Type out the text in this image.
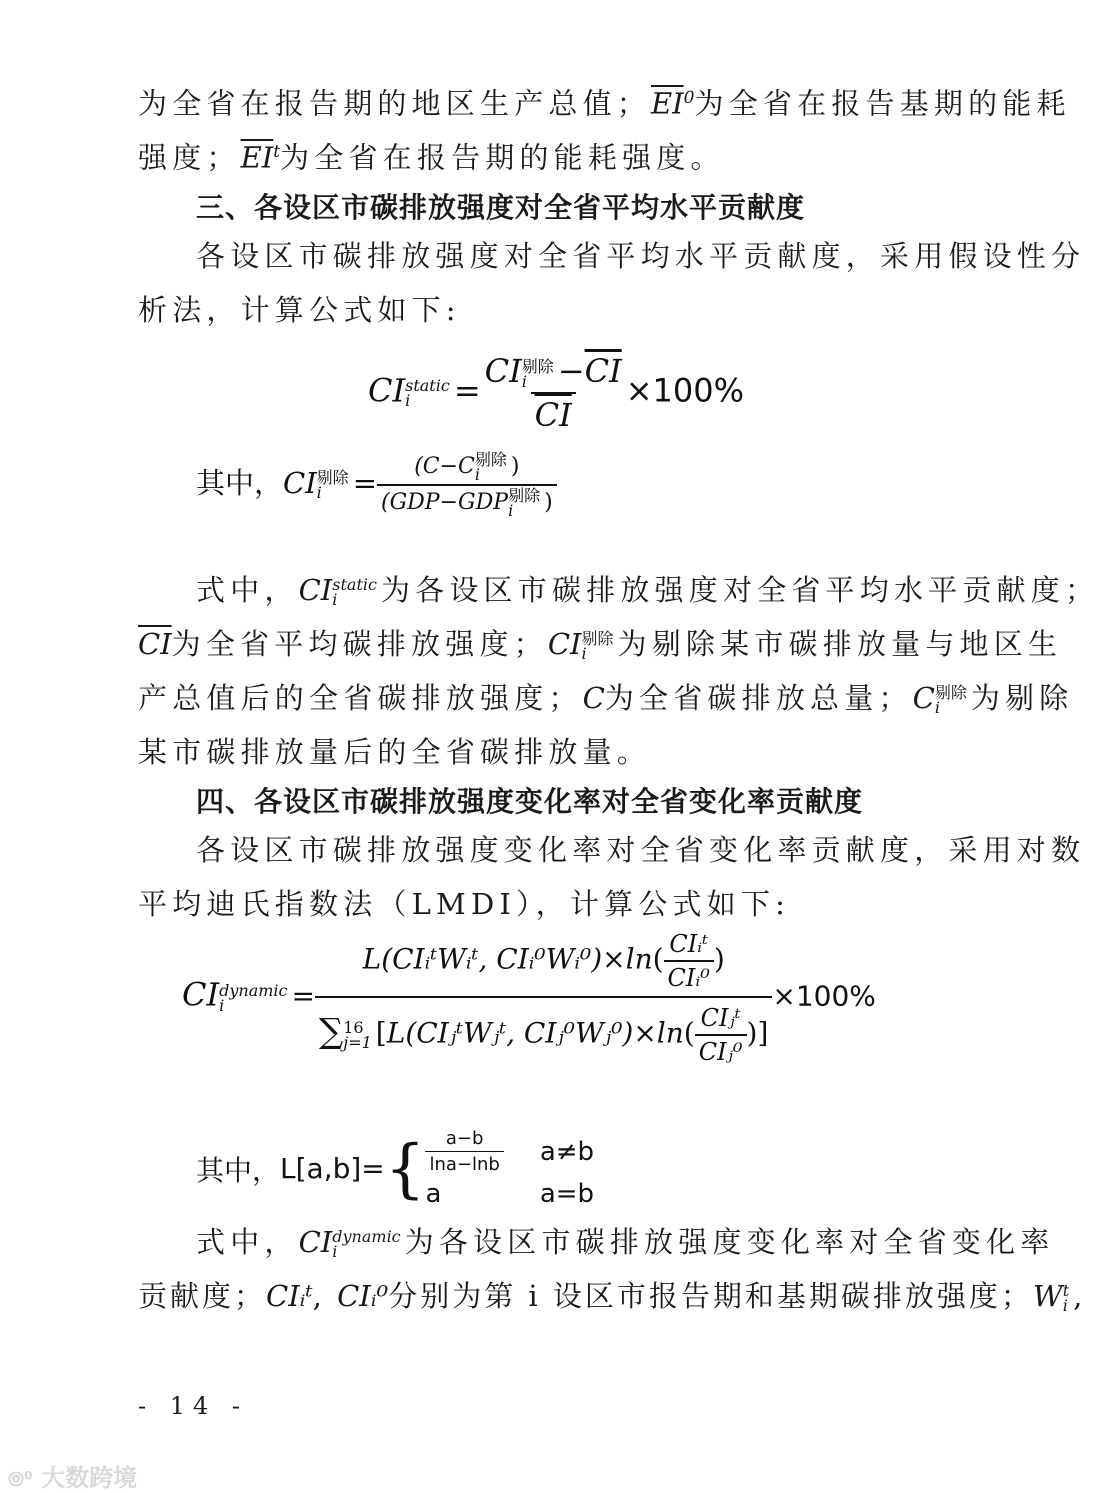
为全省在报告期的地区生产总值；$\overline{EI}^0$为全省在报告基期的能耗
强度；$\overline{EI}^t$为全省在报告期的能耗强度。
三、各设区市碳排放强度对全省平均水平贡献度
各设区市碳排放强度对全省平均水平贡献度，采用假设性分
析法，计算公式如下:
CI static
i	= CI 剔除
$i -\overline{CI}$
CI ×100%
其中，CI 剔除
i	= (C−C 剔除
i	)
(GDP−GDP 剔除
i	)
式中，CI static
i	为各设区市碳排放强度对全省平均水平贡献度；
$\overline{CI}$为全省平均碳排放强度；CI 剔除
i	为剔除某市碳排放量与地区生
产总值后的全省碳排放强度；C为全省碳排放总量；C 剔除
i	为剔除
某市碳排放量后的全省碳排放量。
四、各设区市碳排放强度变化率对全省变化率贡献度
各设区市碳排放强度变化率对全省变化率贡献度，采用对数
平均迪氏指数法（LMDI），计算公式如下:
CI dynamic
i	= L(CIᵢᵗWᵢᵗ, CIᵢ⁰Wᵢ⁰)×ln( $\frac{\text{CIᵢᵗ}}{\text{CIᵢ⁰}}$ )
∑ 16
j=1 [L(CIⱼᵗWⱼᵗ, CIⱼ⁰Wⱼ⁰)×ln( $\frac{\text{CIⱼᵗ}}{\text{CIⱼ⁰}}$ )] ×100%
其中， L[a,b]= { $\frac{a-b}{\ln a-\ln b} a\ne b$
a	a=b
式中，CI dynamic
i	为各设区市碳排放强度变化率对全省变化率
贡献度；CIᵢᵗ, CIᵢ⁰分别为第 i 设区市报告期和基期碳排放强度；W t
i ,
- 14 -
⦾⁰ 大数跨境
